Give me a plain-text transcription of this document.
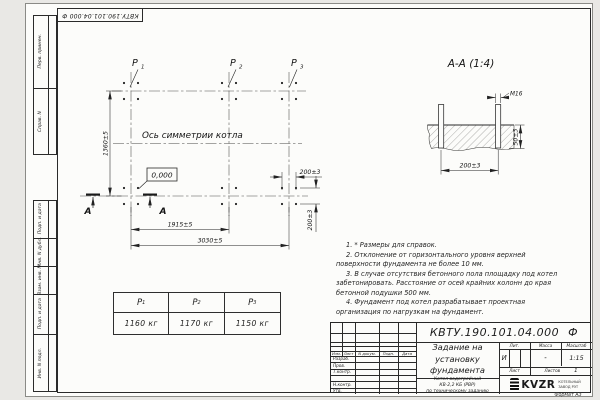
КВТУ.190.101.04.000 Ф
Перв. примен.
Справ. N
Подп. и дата
Инв. N дубл.
Взам. инв. N
Подп. и дата
Инв. N подл.
P 1	P 2	P 3
Ось симметрии котла
0,000
1360±5
1915±5
3030±5
200±3
200±3
А	А
А-А (1:4)
М16
200±3
50±3

1. * Размеры для справок.

2. Отклонение от горизонтального уровня верхней поверхности фундамента не более 10 мм.

3. В случае отсутствия бетонного пола площадку под котел забетонировать. Расстояние от осей крайних колонн до края бетонной подушки 500 мм.

4. Фундамент под котел разрабатывает проектная организация по нагрузкам на фундамент.

P 1	P 2	P 3
1160 кг	1170 кг	1150 кг
КВТУ.190.101.04.000 Ф
Изм. Лист	N докум.	Подп.	Дата
Разраб.
Пров.
Т.контр.
Н.контр.
Утв.
Задание на
установку
фундамента
Котел водогрейный
КВ-2,2 КБ (РВР)
по техническому заданию
Лит.	Масса	Масштаб
И	-	1:15
Лист	Листов	1
KVZR КОТЕЛЬНЫЙ
ЗАВОД РЭТ
Формат А3
